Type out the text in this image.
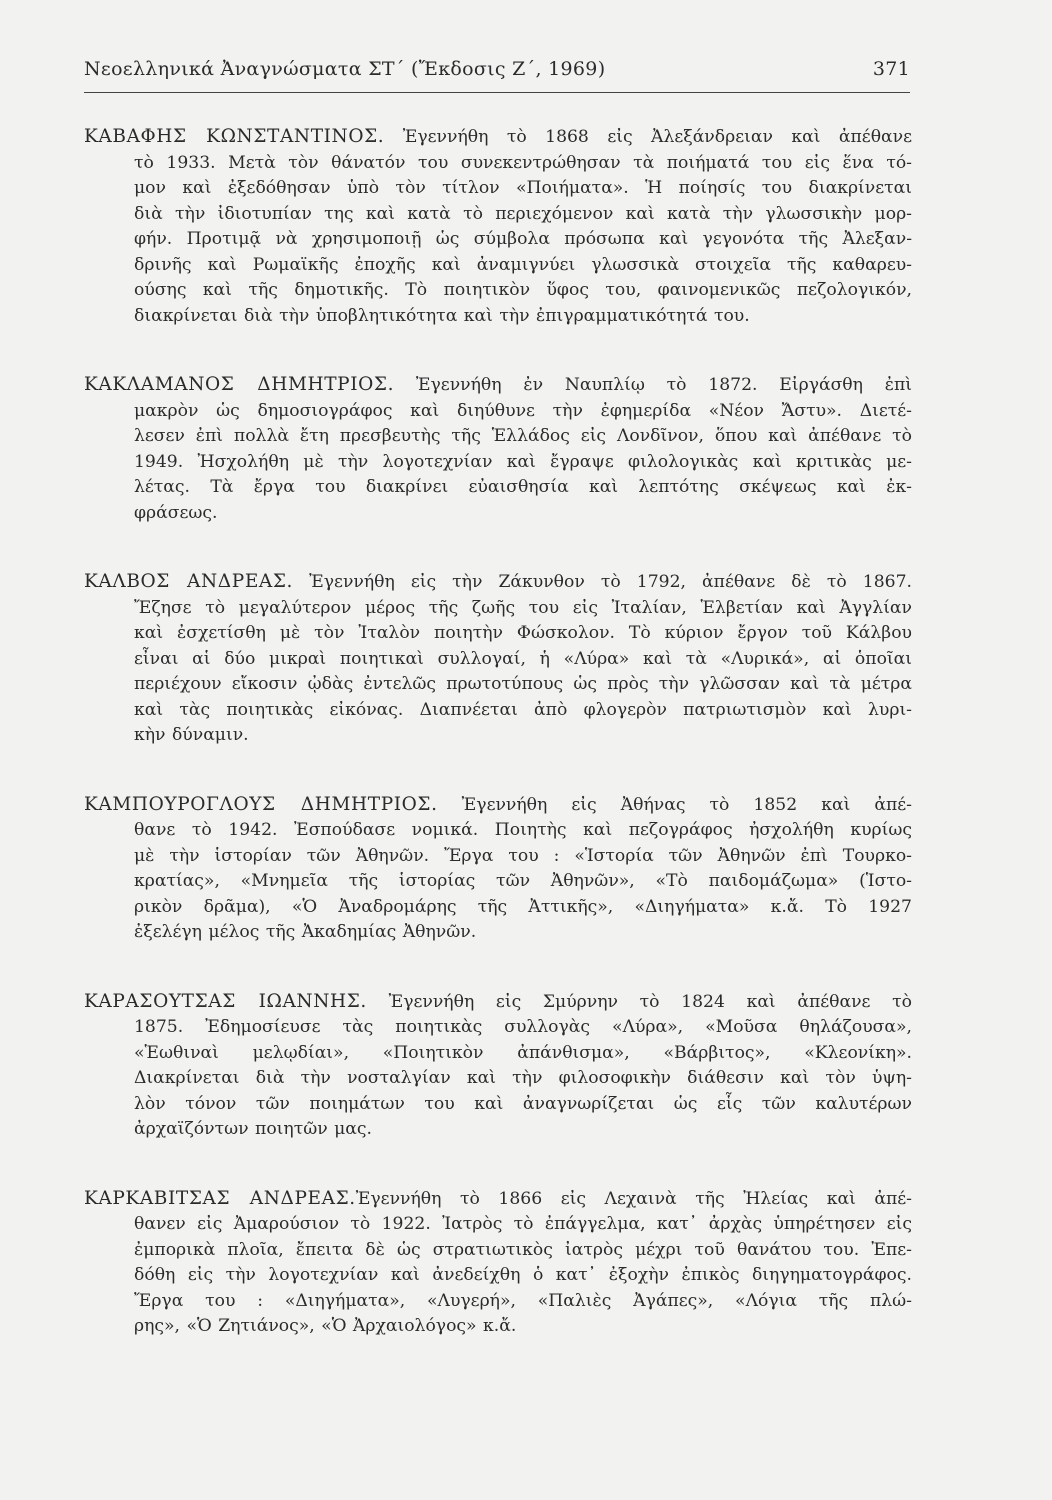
Νεοελληνικά Ἀναγνώσματα ΣΤ΄ (Ἔκδοσις Ζ΄, 1969)	371
ΚΑΒΑΦΗΣ ΚΩΝΣΤΑΝΤΙΝΟΣ. Ἐγεννήθη τὸ 1868 εἰς Ἀλεξάνδρειαν καὶ ἀπέθανε
τὸ 1933. Μετὰ τὸν θάνατόν του συνεκεντρώθησαν τὰ ποιήματά του εἰς ἕνα τό-
μον καὶ ἐξεδόθησαν ὑπὸ τὸν τίτλον «Ποιήματα». Ἡ ποίησίς του διακρίνεται
διὰ τὴν ἰδιοτυπίαν της καὶ κατὰ τὸ περιεχόμενον καὶ κατὰ τὴν γλωσσικὴν μορ-
φήν. Προτιμᾷ νὰ χρησιμοποιῇ ὡς σύμβολα πρόσωπα καὶ γεγονότα τῆς Ἀλεξαν-
δρινῆς καὶ Ρωμαϊκῆς ἐποχῆς καὶ ἀναμιγνύει γλωσσικὰ στοιχεῖα τῆς καθαρευ-
ούσης καὶ τῆς δημοτικῆς. Τὸ ποιητικὸν ὕφος του, φαινομενικῶς πεζολογικόν,
διακρίνεται διὰ τὴν ὑποβλητικότητα καὶ τὴν ἐπιγραμματικότητά του.
ΚΑΚΛΑΜΑΝΟΣ ΔΗΜΗΤΡΙΟΣ. Ἐγεννήθη ἐν Ναυπλίῳ τὸ 1872. Εἰργάσθη ἐπὶ
μακρὸν ὡς δημοσιογράφος καὶ διηύθυνε τὴν ἐφημερίδα «Νέον Ἄστυ». Διετέ-
λεσεν ἐπὶ πολλὰ ἔτη πρεσβευτὴς τῆς Ἑλλάδος εἰς Λονδῖνον, ὅπου καὶ ἀπέθανε τὸ
1949. Ἠσχολήθη μὲ τὴν λογοτεχνίαν καὶ ἔγραψε φιλολογικὰς καὶ κριτικὰς με-
λέτας. Τὰ ἔργα του διακρίνει εὐαισθησία καὶ λεπτότης σκέψεως καὶ ἐκ-
φράσεως.
ΚΑΛΒΟΣ ΑΝΔΡΕΑΣ. Ἐγεννήθη εἰς τὴν Ζάκυνθον τὸ 1792, ἀπέθανε δὲ τὸ 1867.
Ἔζησε τὸ μεγαλύτερον μέρος τῆς ζωῆς του εἰς Ἰταλίαν, Ἑλβετίαν καὶ Ἀγγλίαν
καὶ ἐσχετίσθη μὲ τὸν Ἰταλὸν ποιητὴν Φώσκολον. Τὸ κύριον ἔργον τοῦ Κάλβου
εἶναι αἱ δύο μικραὶ ποιητικαὶ συλλογαί, ἡ «Λύρα» καὶ τὰ «Λυρικά», αἱ ὁποῖαι
περιέχουν εἴκοσιν ᾠδὰς ἐντελῶς πρωτοτύπους ὡς πρὸς τὴν γλῶσσαν καὶ τὰ μέτρα
καὶ τὰς ποιητικὰς εἰκόνας. Διαπνέεται ἀπὸ φλογερὸν πατριωτισμὸν καὶ λυρι-
κὴν δύναμιν.
ΚΑΜΠΟΥΡΟΓΛΟΥΣ ΔΗΜΗΤΡΙΟΣ. Ἐγεννήθη εἰς Ἀθήνας τὸ 1852 καὶ ἀπέ-
θανε τὸ 1942. Ἐσπούδασε νομικά. Ποιητὴς καὶ πεζογράφος ἠσχολήθη κυρίως
μὲ τὴν ἱστορίαν τῶν Ἀθηνῶν. Ἔργα του : «Ἱστορία τῶν Ἀθηνῶν ἐπὶ Τουρκο-
κρατίας», «Μνημεῖα τῆς ἱστορίας τῶν Ἀθηνῶν», «Τὸ παιδομάζωμα» (Ἱστο-
ρικὸν δρᾶμα), «Ὁ Ἀναδρομάρης τῆς Ἀττικῆς», «Διηγήματα» κ.ἄ. Τὸ 1927
ἐξελέγη μέλος τῆς Ἀκαδημίας Ἀθηνῶν.
ΚΑΡΑΣΟΥΤΣΑΣ ΙΩΑΝΝΗΣ. Ἐγεννήθη εἰς Σμύρνην τὸ 1824 καὶ ἀπέθανε τὸ
1875. Ἐδημοσίευσε τὰς ποιητικὰς συλλογὰς «Λύρα», «Μοῦσα θηλάζουσα»,
«Ἑωθιναὶ μελῳδίαι», «Ποιητικὸν ἀπάνθισμα», «Βάρβιτος», «Κλεονίκη».
Διακρίνεται διὰ τὴν νοσταλγίαν καὶ τὴν φιλοσοφικὴν διάθεσιν καὶ τὸν ὑψη-
λὸν τόνον τῶν ποιημάτων του καὶ ἀναγνωρίζεται ὡς εἷς τῶν καλυτέρων
ἀρχαϊζόντων ποιητῶν μας.
ΚΑΡΚΑΒΙΤΣΑΣ ΑΝΔΡΕΑΣ.Ἐγεννήθη τὸ 1866 εἰς Λεχαινὰ τῆς Ἠλείας καὶ ἀπέ-
θανεν εἰς Ἀμαρούσιον τὸ 1922. Ἰατρὸς τὸ ἐπάγγελμα, κατ᾽ ἀρχὰς ὑπηρέτησεν εἰς
ἐμπορικὰ πλοῖα, ἔπειτα δὲ ὡς στρατιωτικὸς ἰατρὸς μέχρι τοῦ θανάτου του. Ἐπε-
δόθη εἰς τὴν λογοτεχνίαν καὶ ἀνεδείχθη ὁ κατ᾽ ἐξοχὴν ἐπικὸς διηγηματογράφος.
Ἔργα του : «Διηγήματα», «Λυγερή», «Παλιὲς Ἀγάπες», «Λόγια τῆς πλώ-
ρης», «Ὁ Ζητιάνος», «Ὁ Ἀρχαιολόγος» κ.ἄ.
